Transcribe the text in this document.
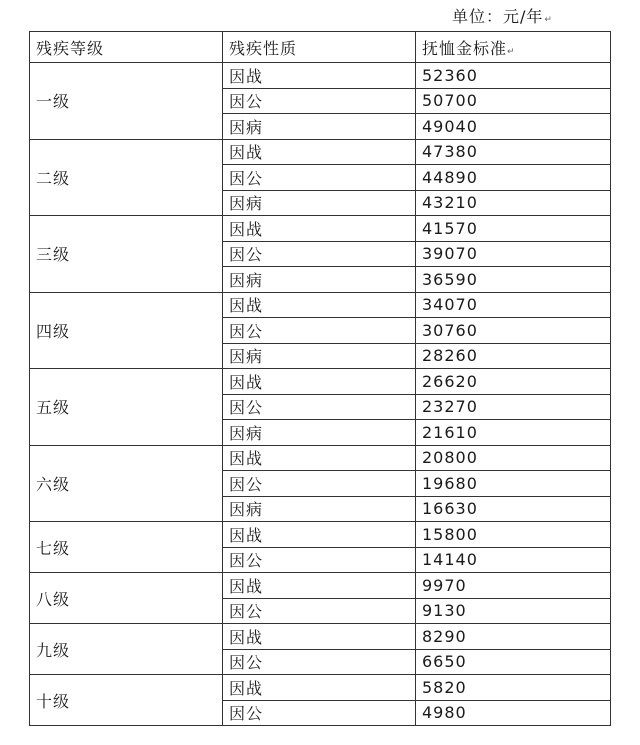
单位：元/年↵
残疾等级	残疾性质	抚恤金标准↵
一级	因战	52360
	因公	50700
	因病	49040
二级	因战	47380
	因公	44890
	因病	43210
三级	因战	41570
	因公	39070
	因病	36590
四级	因战	34070
	因公	30760
	因病	28260
五级	因战	26620
	因公	23270
	因病	21610
六级	因战	20800
	因公	19680
	因病	16630
七级	因战	15800
	因公	14140
八级	因战	9970
	因公	9130
九级	因战	8290
	因公	6650
十级	因战	5820
	因公	4980
